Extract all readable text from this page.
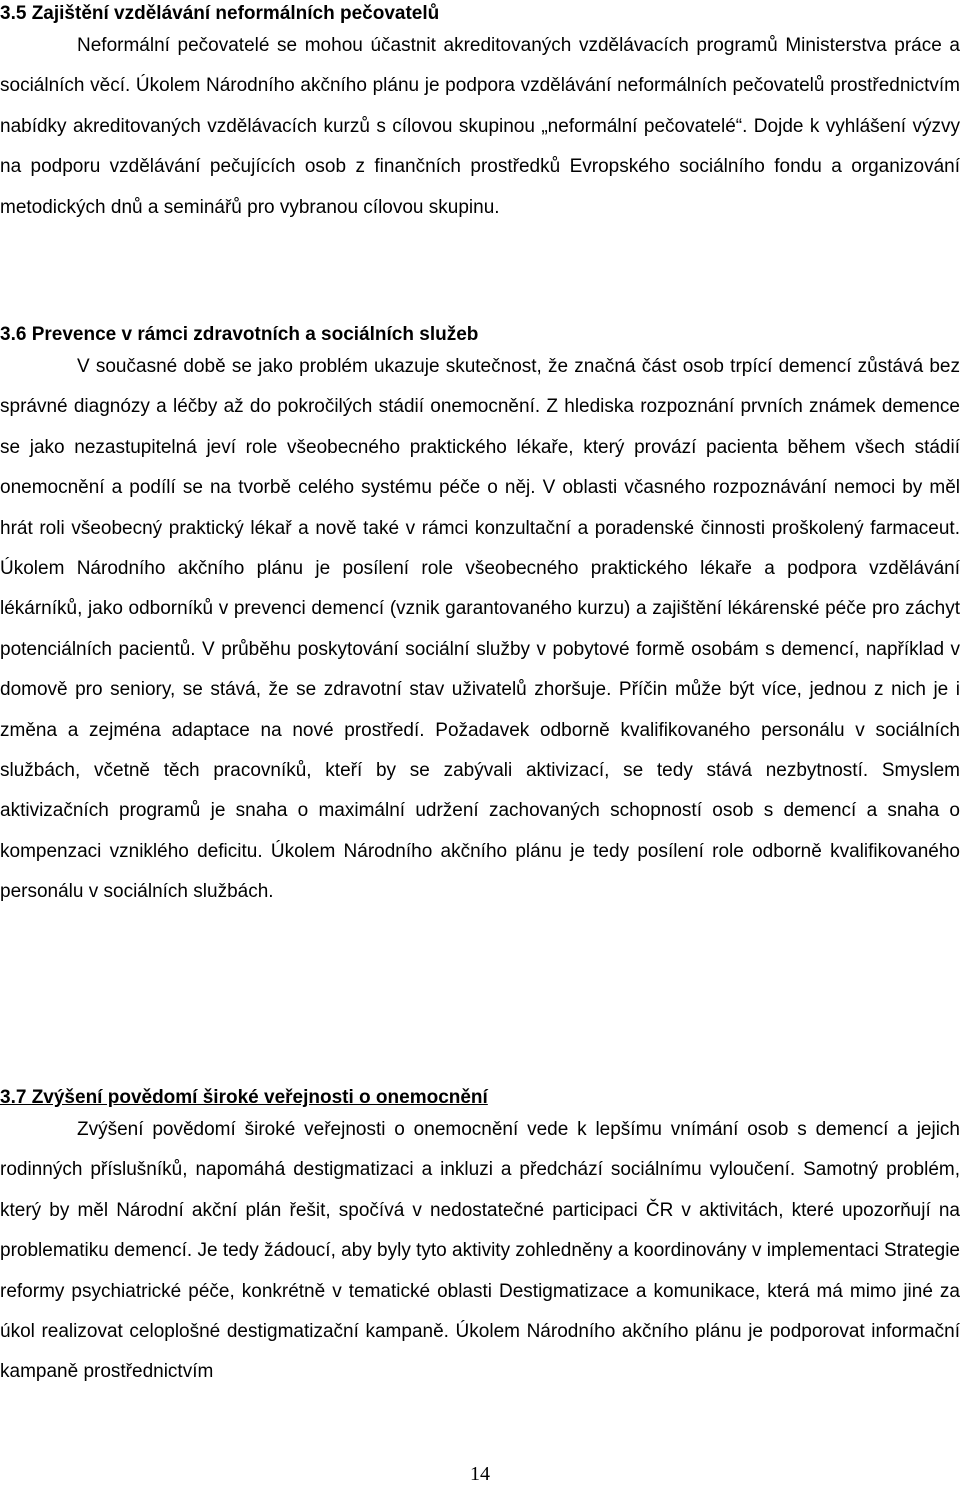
3.5 Zajištění vzdělávání neformálních pečovatelů

Neformální pečovatelé se mohou účastnit akreditovaných vzdělávacích programů Ministerstva práce a sociálních věcí. Úkolem Národního akčního plánu je podpora vzdělávání neformálních pečovatelů prostřednictvím nabídky akreditovaných vzdělávacích kurzů s cílovou skupinou „neformální pečovatelé“. Dojde k vyhlášení výzvy na podporu vzdělávání pečujících osob z finančních prostředků Evropského sociálního fondu a organizování metodických dnů a seminářů pro vybranou cílovou skupinu.

3.6 Prevence v rámci zdravotních a sociálních služeb

V současné době se jako problém ukazuje skutečnost, že značná část osob trpící demencí zůstává bez správné diagnózy a léčby až do pokročilých stádií onemocnění. Z hlediska rozpoznání prvních známek demence se jako nezastupitelná jeví role všeobecného praktického lékaře, který provází pacienta během všech stádií onemocnění a podílí se na tvorbě celého systému péče o něj. V oblasti včasného rozpoznávání nemoci by měl hrát roli všeobecný praktický lékař a nově také v rámci konzultační a poradenské činnosti proškolený farmaceut. Úkolem Národního akčního plánu je posílení role všeobecného praktického lékaře a podpora vzdělávání lékárníků, jako odborníků v prevenci demencí (vznik garantovaného kurzu) a zajištění lékárenské péče pro záchyt potenciálních pacientů. V průběhu poskytování sociální služby v pobytové formě osobám s demencí, například v domově pro seniory, se stává, že se zdravotní stav uživatelů zhoršuje. Příčin může být více, jednou z nich je i změna a zejména adaptace na nové prostředí. Požadavek odborně kvalifikovaného personálu v sociálních službách, včetně těch pracovníků, kteří by se zabývali aktivizací, se tedy stává nezbytností. Smyslem aktivizačních programů je snaha o maximální udržení zachovaných schopností osob s demencí a snaha o kompenzaci vzniklého deficitu. Úkolem Národního akčního plánu je tedy posílení role odborně kvalifikovaného personálu v sociálních službách.

3.7 Zvýšení povědomí široké veřejnosti o onemocnění

Zvýšení povědomí široké veřejnosti o onemocnění vede k lepšímu vnímání osob s demencí a jejich rodinných příslušníků, napomáhá destigmatizaci a inkluzi a předchází sociálnímu vyloučení. Samotný problém, který by měl Národní akční plán řešit, spočívá v nedostatečné participaci ČR v aktivitách, které upozorňují na problematiku demencí. Je tedy žádoucí, aby byly tyto aktivity zohledněny a koordinovány v implementaci Strategie reformy psychiatrické péče, konkrétně v tematické oblasti Destigmatizace a komunikace, která má mimo jiné za úkol realizovat celoplošné destigmatizační kampaně. Úkolem Národního akčního plánu je podporovat informační kampaně prostřednictvím

14
